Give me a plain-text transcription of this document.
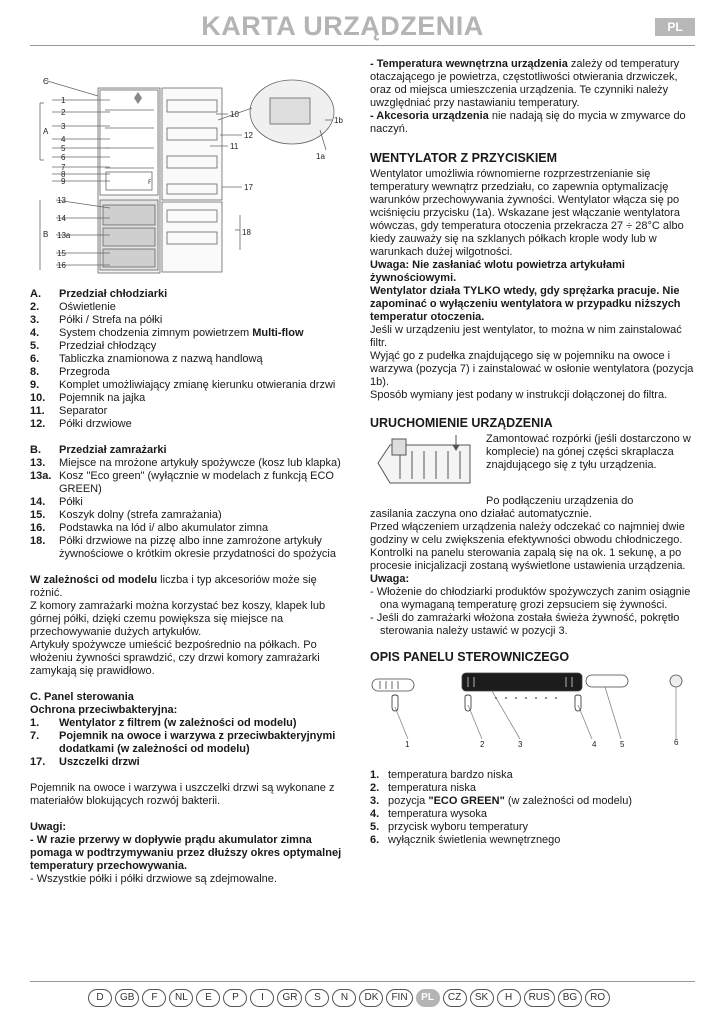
KARTA URZĄDZENIA	PL
F
C
A
1
2
3
4
5
6
7
8
9
13
14
B 13a
15
16
10
12
11
17
18
1b
1a
A.	Przedział chłodziarki
2.	Oświetlenie
3.	Półki / Strefa na półki
4.	System chodzenia zimnym powietrzem Multi-flow
5.	Przedział chłodzący
6.	Tabliczka znamionowa z nazwą handlową
8.	Przegroda
9.	Komplet umożliwiający zmianę kierunku otwierania drzwi
10.	Pojemnik na jajka
11.	Separator
12.	Półki drzwiowe
B.	Przedział zamrażarki
13.	Miejsce na mrożone artykuły spożywcze (kosz lub klapka)
13a. Kosz "Eco green" (wyłącznie w modelach z funkcją ECO GREEN)
14.	Półki
15.	Koszyk dolny (strefa zamrażania)
16.	Podstawka na lód i/ albo akumulator zimna
18.	Półki drzwiowe na pizzę albo inne zamrożone artykuły żywnościowe o krótkim okresie przydatności do spożycia

W zależności od modelu liczba i typ akcesoriów może się rożnić.

Z komory zamrażarki można korzystać bez koszy, klapek lub górnej półki, dzięki czemu powiększa się miejsce na przechowywanie dużych artykułów.

Artykuły spożywcze umieścić bezpośrednio na półkach. Po włożeniu żywności sprawdzić, czy drzwi komory zamrażarki zamykają się prawidłowo.

C. Panel sterowania

Ochrona przeciwbakteryjna:

1.	Wentylator z filtrem (w zależności od modelu)
7.	Pojemnik na owoce i warzywa z przeciwbakteryjnymi dodatkami (w zależności od modelu)
17.	Uszczelki drzwi

Pojemnik na owoce i warzywa i uszczelki drzwi są wykonane z materiałów blokujących rozwój bakterii.

Uwagi:

- W razie przerwy w dopływie prądu akumulator zimna pomaga w podtrzymywaniu przez dłuższy okres optymalnej temperatury przechowywania.

- Wszystkie półki i półki drzwiowe są zdejmowalne.

- Temperatura wewnętrzna urządzenia zależy od temperatury otaczającego je powietrza, częstotliwości otwierania drzwiczek, oraz od miejsca umieszczenia urządzenia. Te czynniki należy uwzględniać przy nastawianiu temperatury.

- Akcesoria urządzenia nie nadają się do mycia w zmywarce do naczyń.

WENTYLATOR Z PRZYCISKIEM

Wentylator umożliwia równomierne rozprzestrzenianie się temperatury wewnątrz przedziału, co zapewnia optymalizację warunków przechowywania żywności. Wentylator włącza się po wciśnięciu przycisku (1a). Wskazane jest włączanie wentylatora wówczas, gdy temperatura otoczenia przekracza 27 ÷ 28°C albo kiedy zauważy się na szklanych półkach krople wody lub w warunkach dużej wilgotności.

Uwaga: Nie zasłaniać wlotu powietrza artykułami żywnościowymi.

Wentylator działa TYLKO wtedy, gdy sprężarka pracuje. Nie zapominać o wyłączeniu wentylatora w przypadku niższych temperatur otoczenia.

Jeśli w urządzeniu jest wentylator, to można w nim zainstalować filtr.

Wyjąć go z pudełka znajdującego się w pojemniku na owoce i warzywa (pozycja 7) i zainstalować w osłonie wentylatora (pozycja 1b).

Sposób wymiany jest podany w instrukcji dołączonej do filtra.

URUCHOMIENIE URZĄDZENIA

Zamontować rozpórki (jeśli dostarczono w komplecie) na gónej części skraplacza znajdującego się z tyłu urządzenia.

Po podłączeniu urządzenia do

zasilania zaczyna ono działać automatycznie.

Przed włączeniem urządzenia należy odczekać co najmniej dwie godziny w celu zwiększenia efektywności obwodu chłodniczego.

Kontrolki na panelu sterowania zapalą się na ok. 1 sekunę, a po procesie inicjalizacji zostaną wyświetlone ustawienia urządzenia.

Uwaga:

- Włożenie do chłodziarki produktów spożywczych zanim osiągnie ona wymaganą temperaturę grozi zepsuciem się żywności.

- Jeśli do zamrażarki włożona została świeża żywność, pokrętło sterowania należy ustawić w pozycji 3.

OPIS PANELU STEROWNICZEGO
1	2	3	4	5	6
1. temperatura bardzo niska
2. temperatura niska
3. pozycja "ECO GREEN" (w zależności od modelu)
4. temperatura wysoka
5. przycisk wyboru temperatury
6. wyłącznik świetlenia wewnętrznego
D	GB	F	NL	E	P	I	GR	S	N	DK	FIN	PL	CZ	SK	H	RUS	BG	RO
